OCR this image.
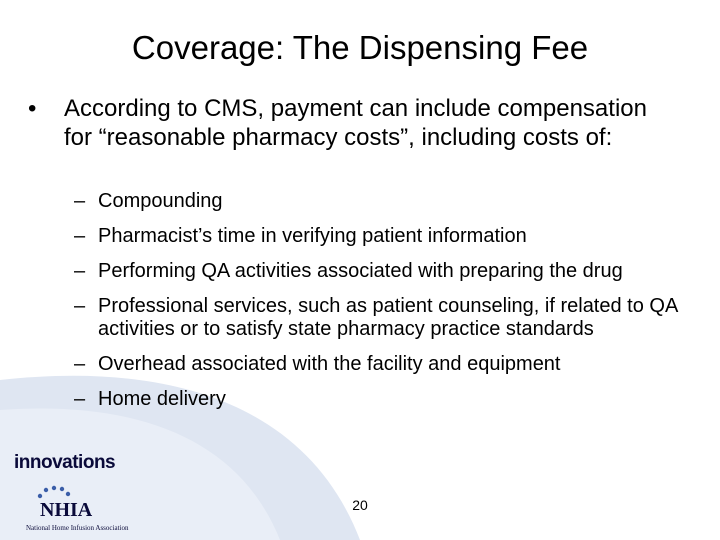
Coverage: The Dispensing Fee
•	According to CMS, payment can include compensation for “reasonable pharmacy costs”, including costs of:
– Compounding
– Pharmacist’s time in verifying patient information
– Performing QA activities associated with preparing the drug
– Professional services, such as patient counseling, if related to QA activities or to satisfy state pharmacy practice standards
– Overhead associated with the facility and equipment
– Home delivery
innovations
NHIA
National Home Infusion Association
20
